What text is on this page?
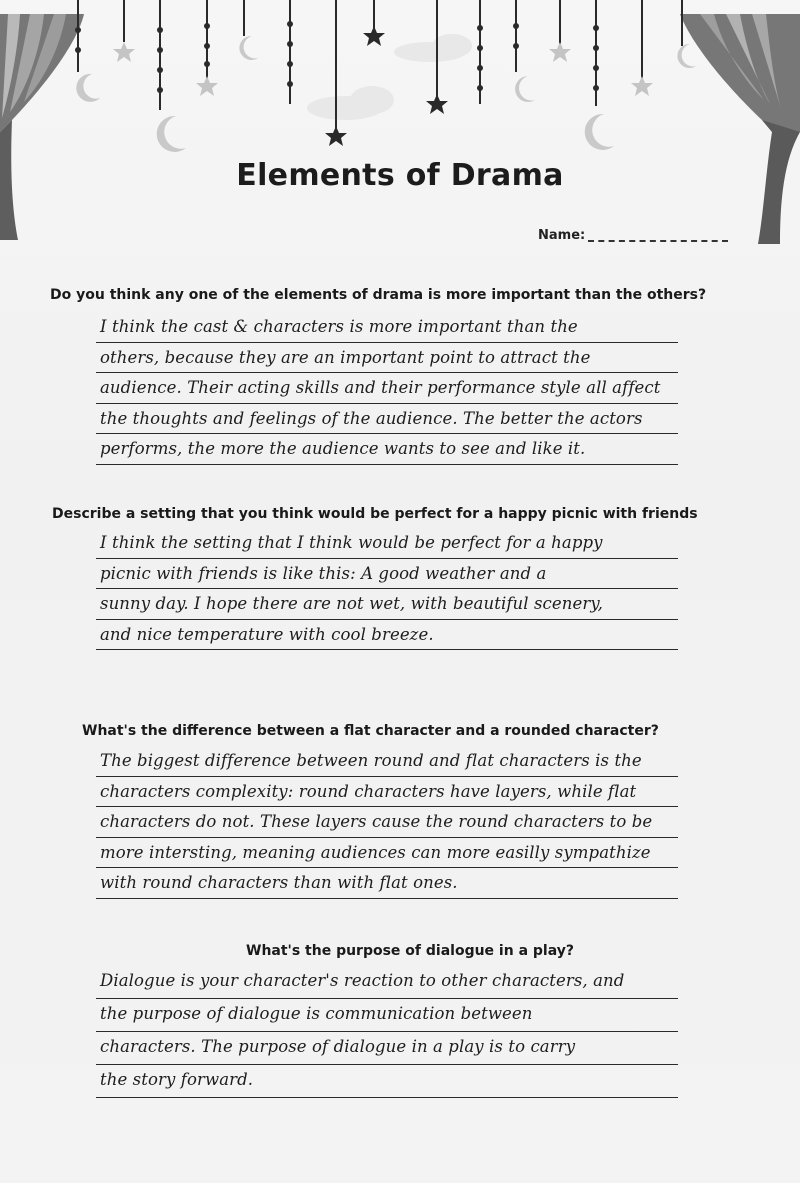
Elements of Drama
Name:
Do you think any one of the elements of drama is more important than the others?
I think the cast & characters is more important than the
others, because they are an important point to attract the
audience. Their acting skills and their performance style all affect
the thoughts and feelings of the audience. The better the actors
performs, the more the audience wants to see and like it.
Describe a setting that you think would be perfect for a happy picnic with friends
I think the setting that I think would be perfect for a happy
picnic with friends is like this: A good weather and a
sunny day. I hope there are not wet, with beautiful scenery,
and nice temperature with cool breeze.
What's the difference between a flat character and a rounded character?
The biggest difference between round and flat characters is the
characters complexity: round characters have layers, while flat
characters do not. These layers cause the round characters to be
more intersting, meaning audiences can more easilly sympathize
with round characters than with flat ones.
What's the purpose of dialogue in a play?
Dialogue is your character's reaction to other characters, and
the purpose of dialogue is communication between
characters. The purpose of dialogue in a play is to carry
the story forward.
